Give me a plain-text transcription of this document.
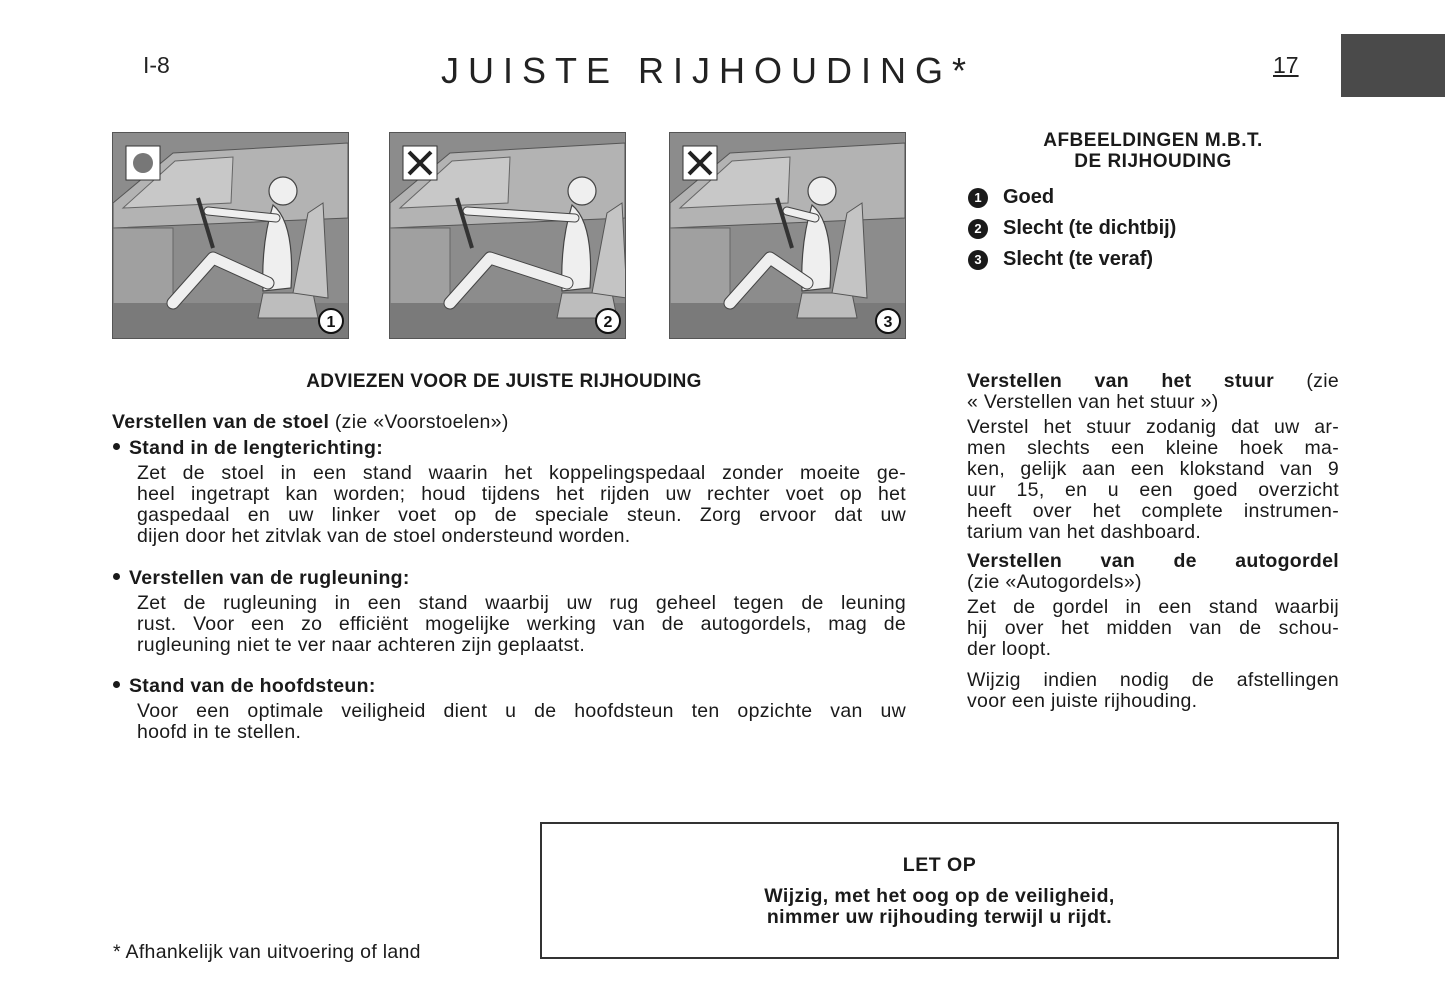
I-8	JUISTE RIJHOUDING*	17
1	2	3
AFBEELDINGEN M.B.T.
DE RIJHOUDING
1	Goed
2	Slecht (te dichtbij)
3	Slecht (te veraf)
ADVIEZEN VOOR DE JUISTE RIJHOUDING
Verstellen van de stoel (zie «Voorstoelen»)
Stand in de lengterichting:
Zet de stoel in een stand waarin het koppelingspedaal zonder moeite ge-
heel ingetrapt kan worden; houd tijdens het rijden uw rechter voet op het
gaspedaal en uw linker voet op de speciale steun. Zorg ervoor dat uw
dijen door het zitvlak van de stoel ondersteund worden.
Verstellen van de rugleuning:
Zet de rugleuning in een stand waarbij uw rug geheel tegen de leuning
rust. Voor een zo efficiënt mogelijke werking van de autogordels, mag de
rugleuning niet te ver naar achteren zijn geplaatst.
Stand van de hoofdsteun:
Voor een optimale veiligheid dient u de hoofdsteun ten opzichte van uw
hoofd in te stellen.
Verstellen van het stuur (zie
« Verstellen van het stuur »)
Verstel het stuur zodanig dat uw ar-
men slechts een kleine hoek ma-
ken, gelijk aan een klokstand van 9
uur 15, en u een goed overzicht
heeft over het complete instrumen-
tarium van het dashboard.
Verstellen van de autogordel
(zie «Autogordels»)
Zet de gordel in een stand waarbij
hij over het midden van de schou-
der loopt.
Wijzig indien nodig de afstellingen
voor een juiste rijhouding.
* Afhankelijk van uitvoering of land
LET OP
Wijzig, met het oog op de veiligheid,
nimmer uw rijhouding terwijl u rijdt.
